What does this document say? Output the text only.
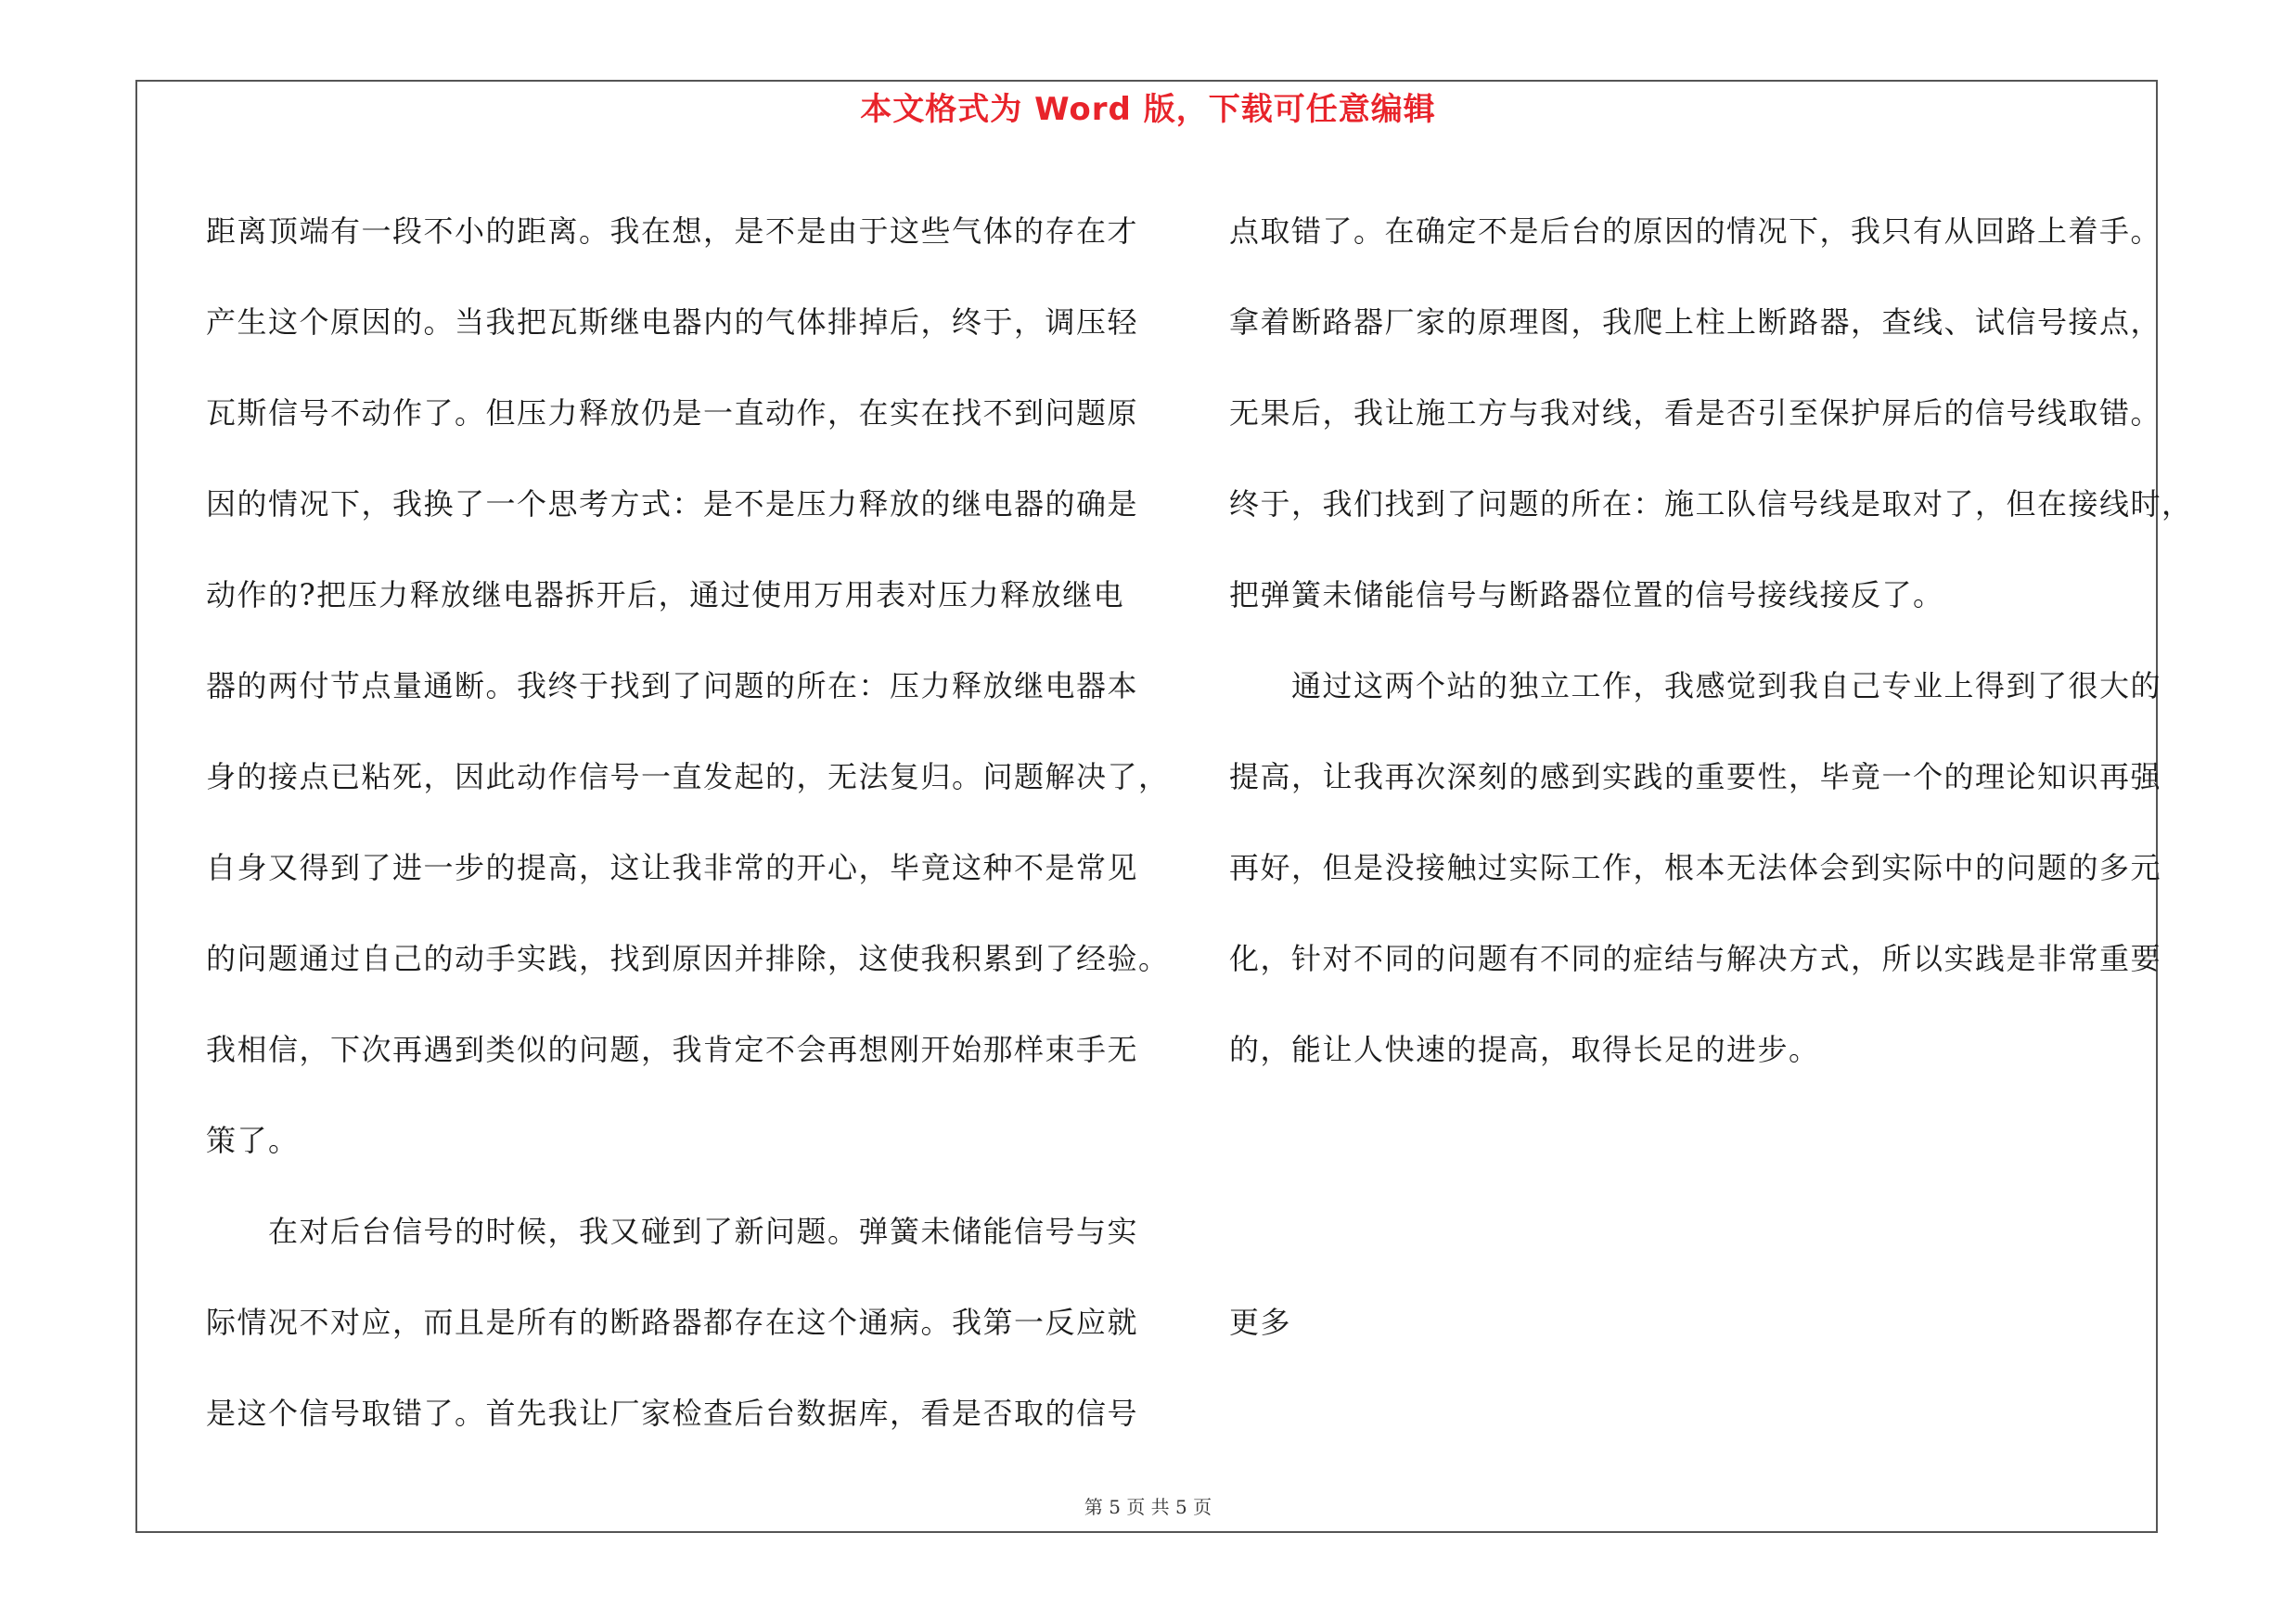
本文格式为 Word 版，下载可任意编辑
距离顶端有一段不小的距离。我在想，是不是由于这些气体的存在才
产生这个原因的。当我把瓦斯继电器内的气体排掉后，终于，调压轻
瓦斯信号不动作了。但压力释放仍是一直动作，在实在找不到问题原
因的情况下，我换了一个思考方式：是不是压力释放的继电器的确是
动作的?把压力释放继电器拆开后，通过使用万用表对压力释放继电
器的两付节点量通断。我终于找到了问题的所在：压力释放继电器本
身的接点已粘死，因此动作信号一直发起的，无法复归。问题解决了，
自身又得到了进一步的提高，这让我非常的开心，毕竟这种不是常见
的问题通过自己的动手实践，找到原因并排除，这使我积累到了经验。
我相信，下次再遇到类似的问题，我肯定不会再想刚开始那样束手无
策了。
　　在对后台信号的时候，我又碰到了新问题。弹簧未储能信号与实
际情况不对应，而且是所有的断路器都存在这个通病。我第一反应就
是这个信号取错了。首先我让厂家检查后台数据库，看是否取的信号
点取错了。在确定不是后台的原因的情况下，我只有从回路上着手。
拿着断路器厂家的原理图，我爬上柱上断路器，查线、试信号接点，
无果后，我让施工方与我对线，看是否引至保护屏后的信号线取错。
终于，我们找到了问题的所在：施工队信号线是取对了，但在接线时，
把弹簧未储能信号与断路器位置的信号接线接反了。
　　通过这两个站的独立工作，我感觉到我自己专业上得到了很大的
提高，让我再次深刻的感到实践的重要性，毕竟一个的理论知识再强
再好，但是没接触过实际工作，根本无法体会到实际中的问题的多元
化，针对不同的问题有不同的症结与解决方式，所以实践是非常重要
的，能让人快速的提高，取得长足的进步。
更多
第 5 页 共 5 页
